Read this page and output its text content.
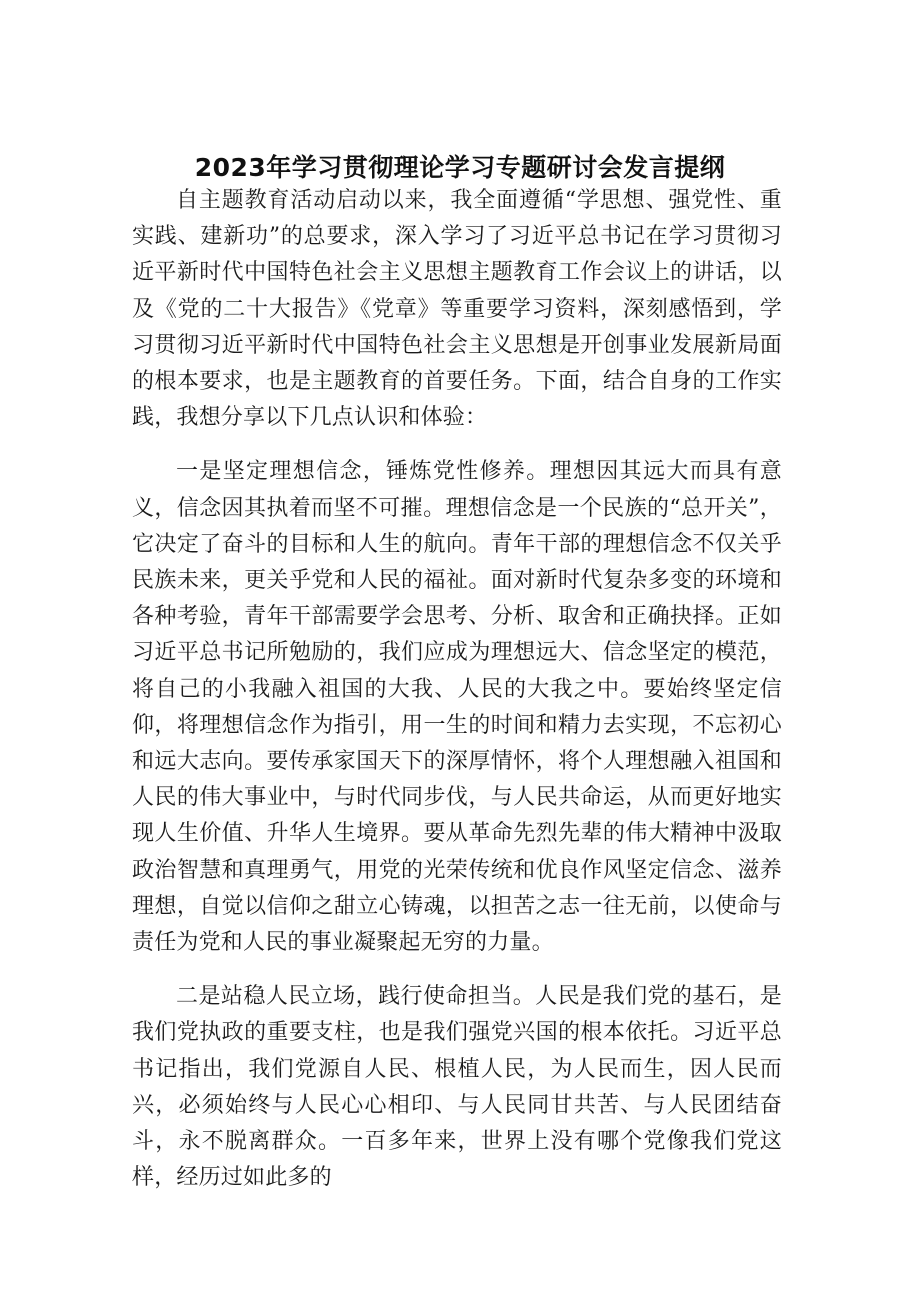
2023年学习贯彻理论学习专题研讨会发言提纲

自主题教育活动启动以来，我全面遵循“学思想、强党性、重实践、建新功”的总要求，深入学习了习近平总书记在学习贯彻习近平新时代中国特色社会主义思想主题教育工作会议上的讲话，以及《党的二十大报告》《党章》等重要学习资料，深刻感悟到，学习贯彻习近平新时代中国特色社会主义思想是开创事业发展新局面的根本要求，也是主题教育的首要任务。下面，结合自身的工作实践，我想分享以下几点认识和体验：

一是坚定理想信念，锤炼党性修养。理想因其远大而具有意义，信念因其执着而坚不可摧。理想信念是一个民族的“总开关”，它决定了奋斗的目标和人生的航向。青年干部的理想信念不仅关乎民族未来，更关乎党和人民的福祉。面对新时代复杂多变的环境和各种考验，青年干部需要学会思考、分析、取舍和正确抉择。正如习近平总书记所勉励的，我们应成为理想远大、信念坚定的模范，将自己的小我融入祖国的大我、人民的大我之中。要始终坚定信仰，将理想信念作为指引，用一生的时间和精力去实现，不忘初心和远大志向。要传承家国天下的深厚情怀，将个人理想融入祖国和人民的伟大事业中，与时代同步伐，与人民共命运，从而更好地实现人生价值、升华人生境界。要从革命先烈先辈的伟大精神中汲取政治智慧和真理勇气，用党的光荣传统和优良作风坚定信念、滋养理想，自觉以信仰之甜立心铸魂，以担苦之志一往无前，以使命与责任为党和人民的事业凝聚起无穷的力量。

二是站稳人民立场，践行使命担当。人民是我们党的基石，是我们党执政的重要支柱，也是我们强党兴国的根本依托。习近平总书记指出，我们党源自人民、根植人民，为人民而生，因人民而兴，必须始终与人民心心相印、与人民同甘共苦、与人民团结奋斗，永不脱离群众。一百多年来，世界上没有哪个党像我们党这样，经历过如此多的
